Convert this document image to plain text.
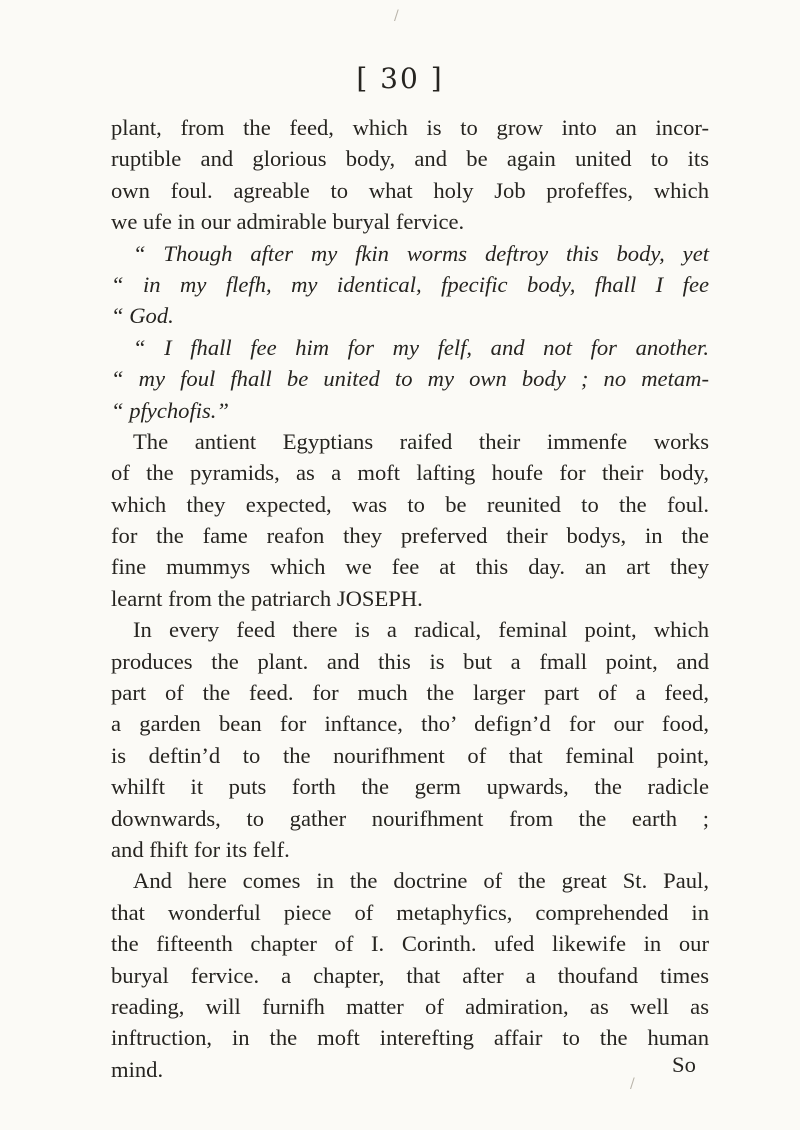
[ 30 ]
plant, from the feed, which is to grow into an incor-
ruptible and glorious body, and be again united to its
own foul. agreable to what holy Job profeffes, which
we ufe in our admirable buryal fervice.
“ Though after my fkin worms deftroy this body, yet
“ in my flefh, my identical, fpecific body, fhall I fee
“ God.
“ I fhall fee him for my felf, and not for another.
“ my foul fhall be united to my own body ; no metam-
“ pfychofis.”
The antient Egyptians raifed their immenfe works
of the pyramids, as a moft lafting houfe for their body,
which they expected, was to be reunited to the foul.
for the fame reafon they preferved their bodys, in the
fine mummys which we fee at this day. an art they
learnt from the patriarch JOSEPH.
In every feed there is a radical, feminal point, which
produces the plant. and this is but a fmall point, and
part of the feed. for much the larger part of a feed,
a garden bean for inftance, tho’ defign’d for our food,
is deftin’d to the nourifhment of that feminal point,
whilft it puts forth the germ upwards, the radicle
downwards, to gather nourifhment from the earth ;
and fhift for its felf.
And here comes in the doctrine of the great St. Paul,
that wonderful piece of metaphyfics, comprehended in
the fifteenth chapter of I. Corinth. ufed likewife in our
buryal fervice. a chapter, that after a thoufand times
reading, will furnifh matter of admiration, as well as
inftruction, in the moft interefting affair to the human
mind.	So
/
/
